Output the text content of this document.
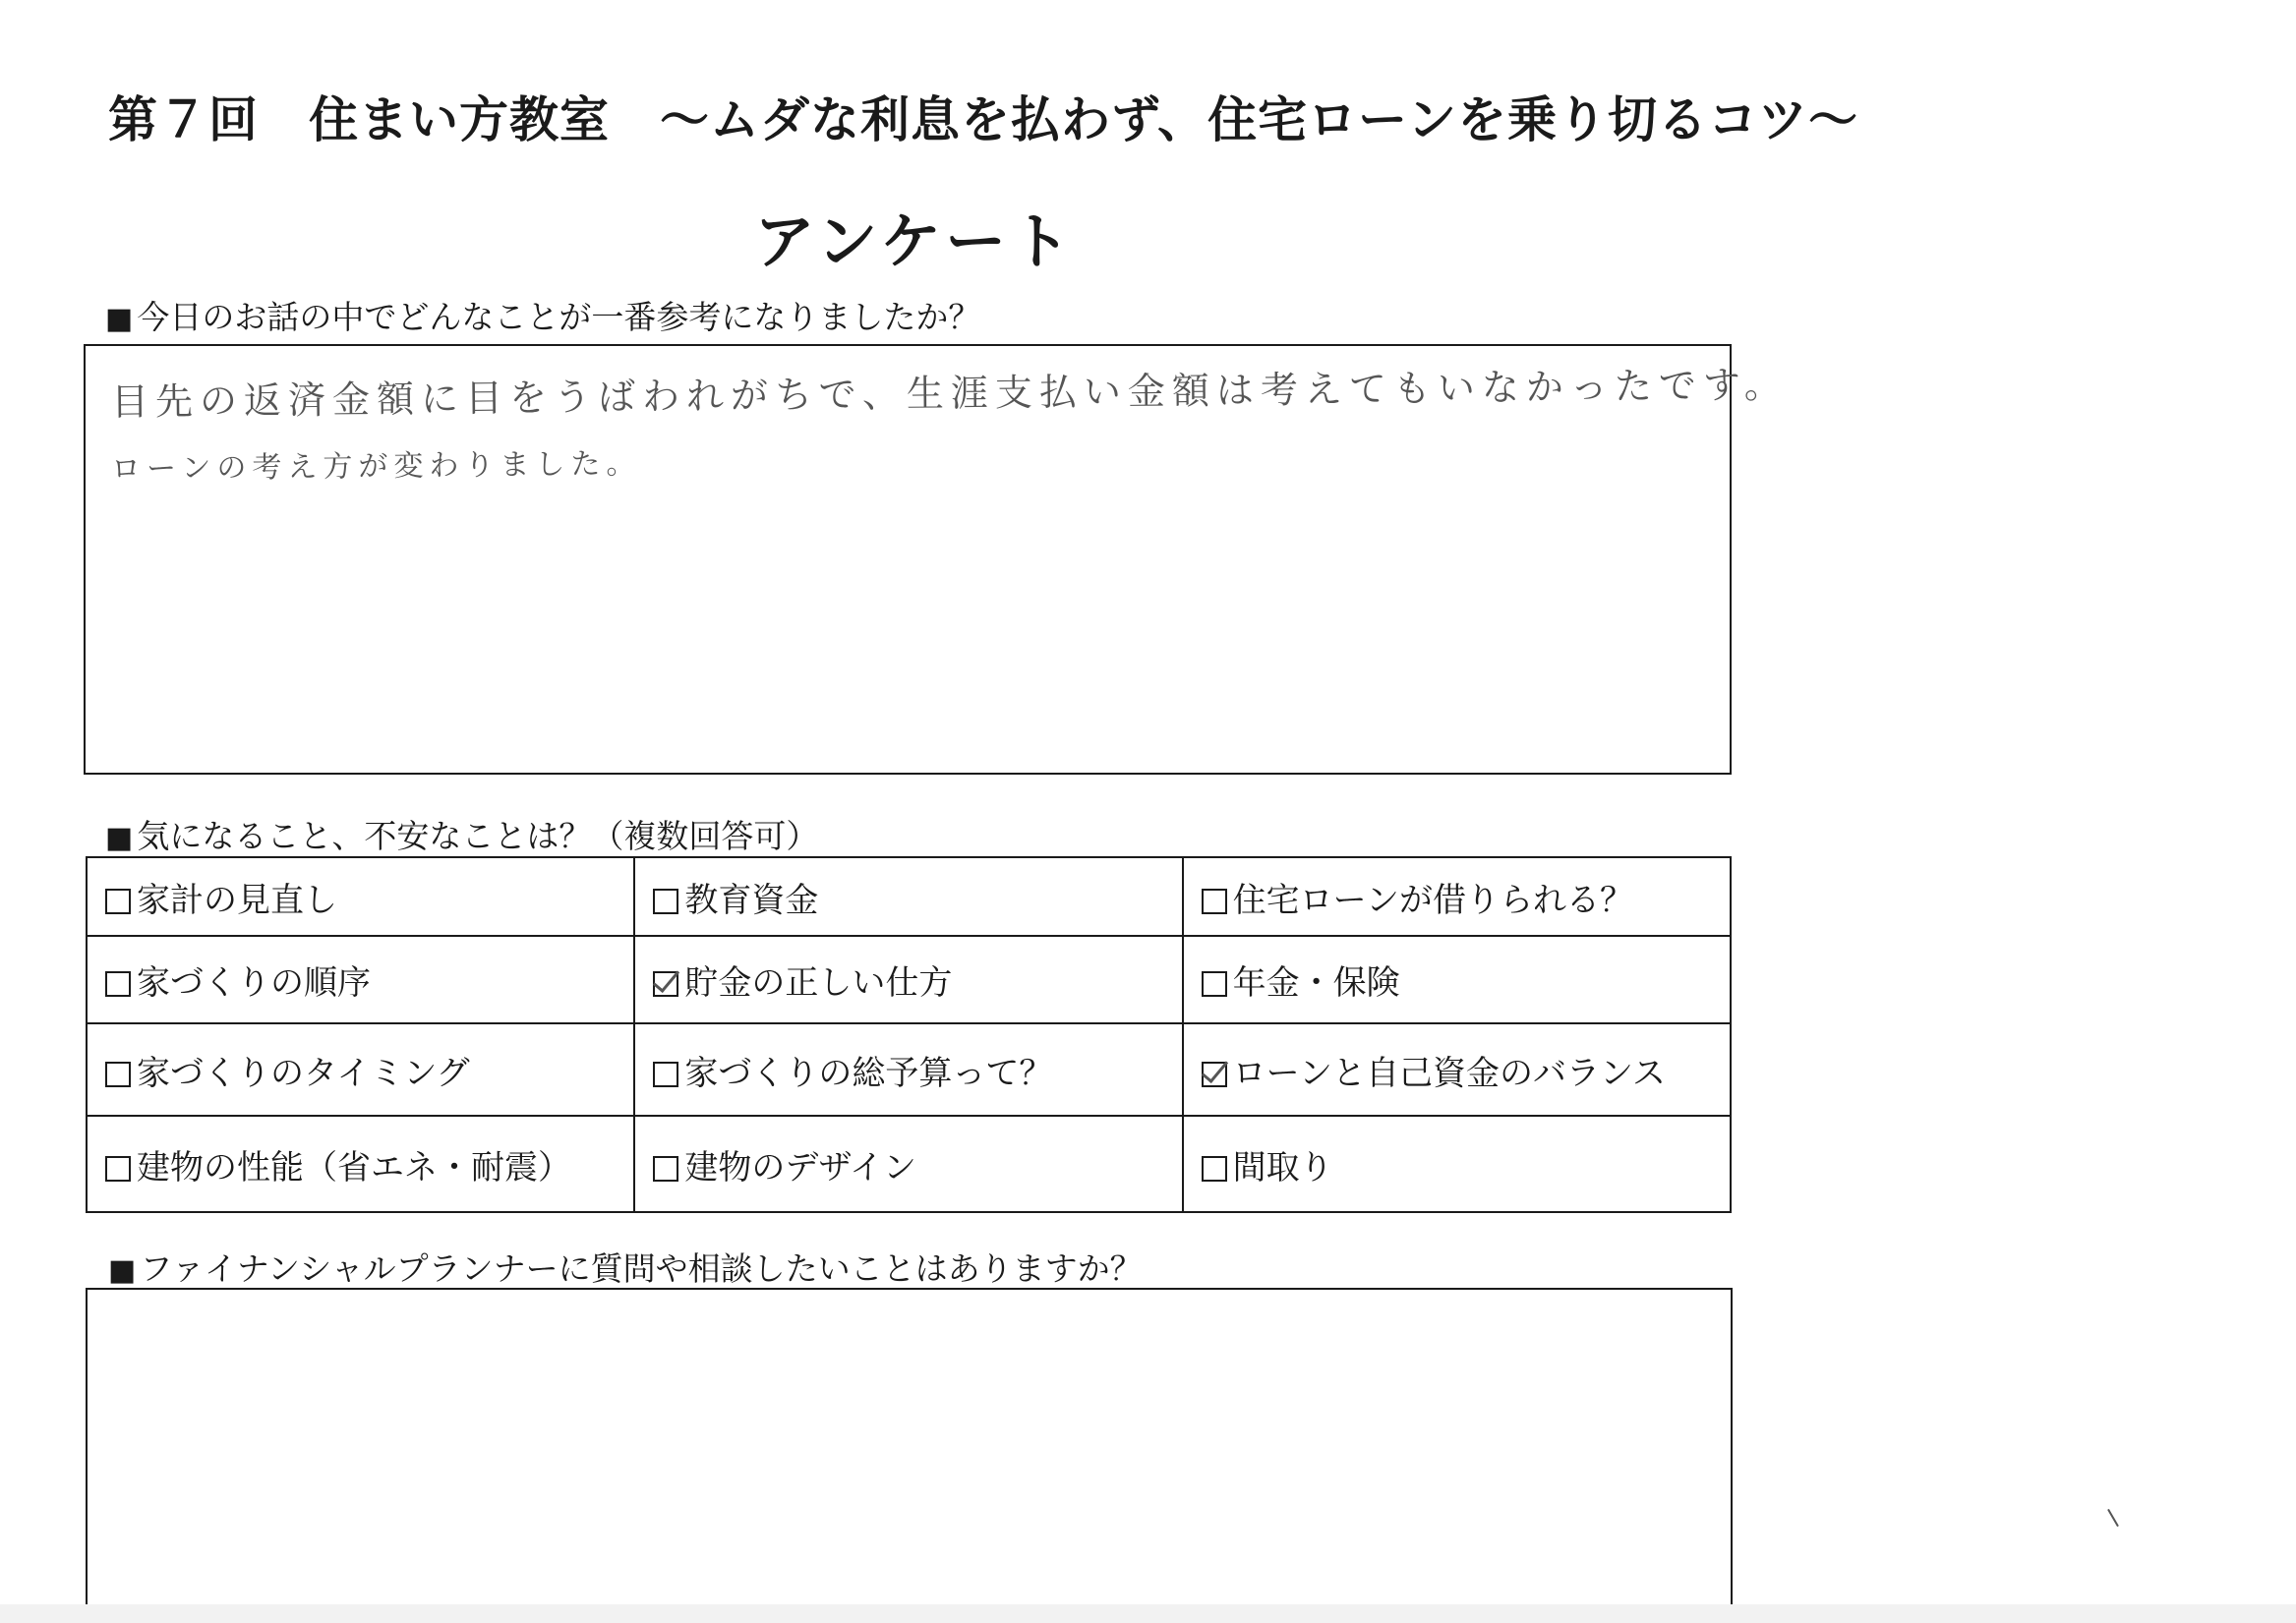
第７回　住まい方教室　～ムダな利息を払わず、住宅ローンを乗り切るコツ～
アンケート
■ 今日のお話の中でどんなことが一番参考になりましたか？
目先の返済金額に目をうばわれがちで、生涯支払い金額は考えてもいなかったです。
ローンの考え方が変わりました。
■ 気になること、不安なことは？（複数回答可）
家計の見直し	教育資金	住宅ローンが借りられる？
家づくりの順序	貯金の正しい仕方	年金・保険
家づくりのタイミング	家づくりの総予算って？	ローンと自己資金のバランス
建物の性能（省エネ・耐震）	建物のデザイン	間取り
■ ファイナンシャルプランナーに質問や相談したいことはありますか？
